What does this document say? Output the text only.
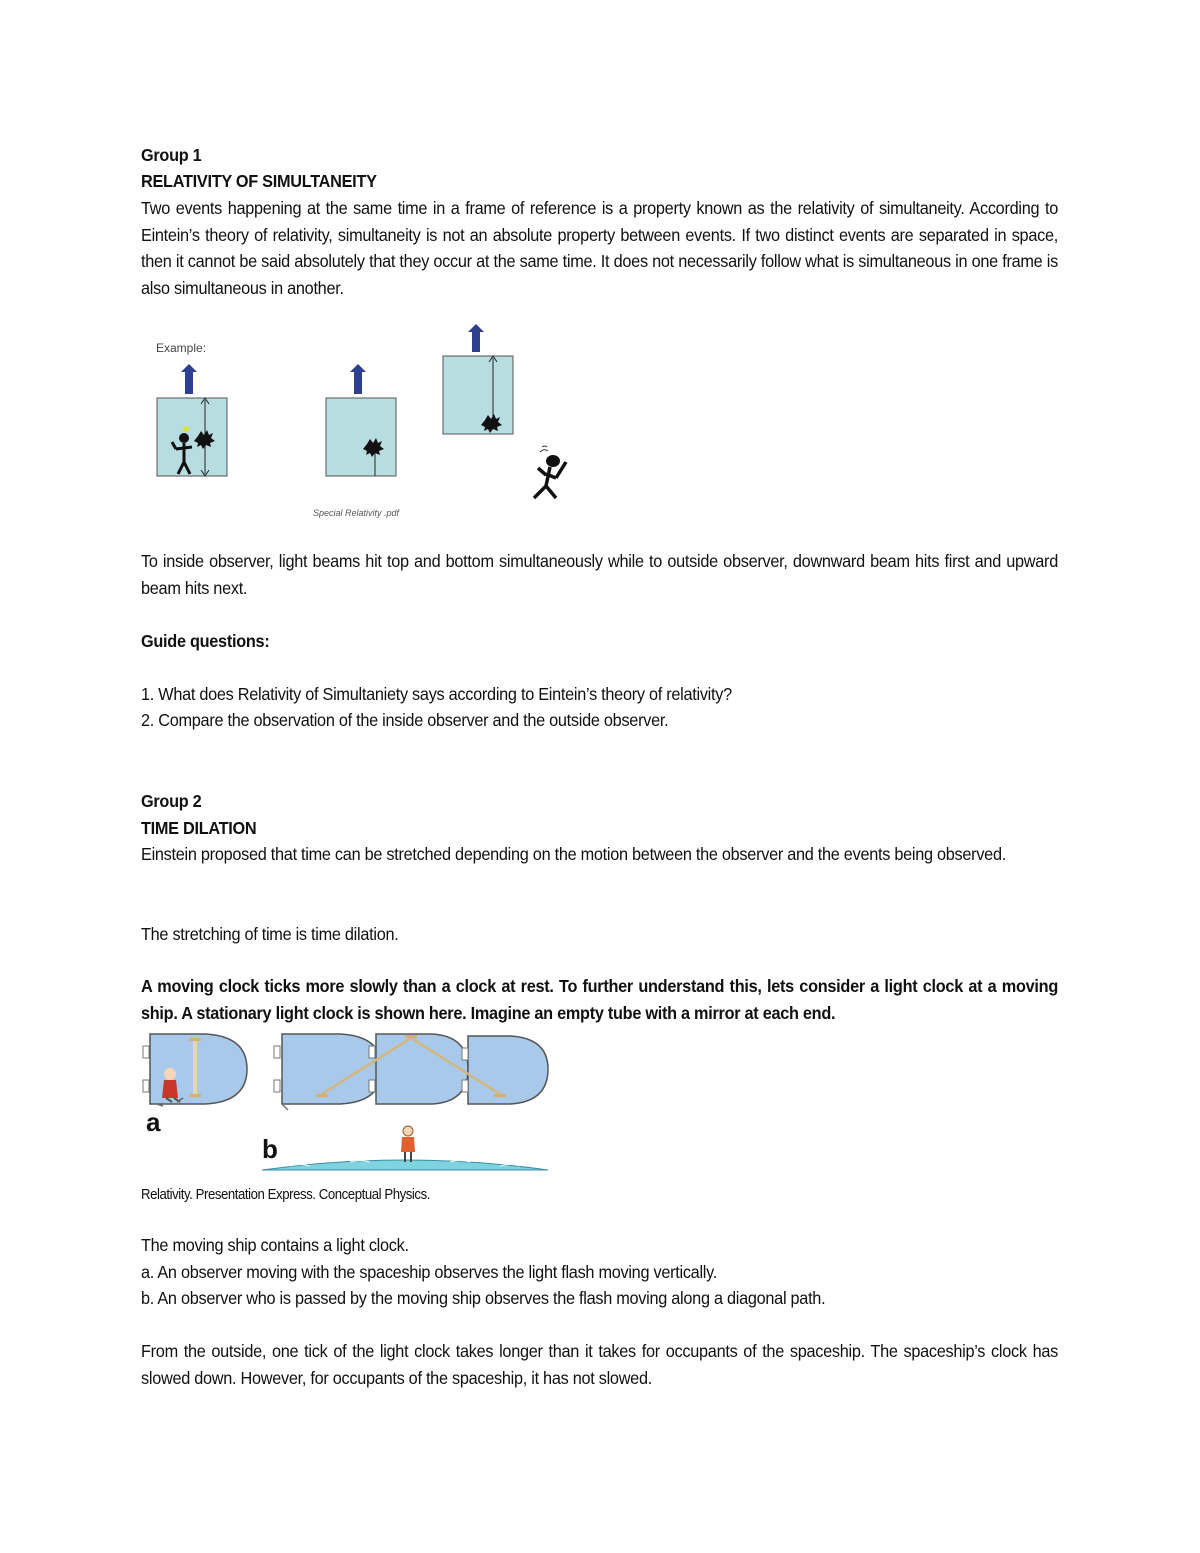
Group 1
RELATIVITY OF SIMULTANEITY
Two events happening at the same time in a frame of reference is a property known as the relativity of simultaneity. According to Eintein’s theory of relativity, simultaneity is not an absolute property between events. If two distinct events are separated in space, then it cannot be said absolutely that they occur at the same time. It does not necessarily follow what is simultaneous in one frame is also simultaneous in another.
Example:
Special Relativity .pdf
To inside observer, light beams hit top and bottom simultaneously while to outside observer, downward beam hits first and upward beam hits next.
Guide questions:
1. What does Relativity of Simultaniety says according to Eintein’s theory of relativity?
2. Compare the observation of the inside observer and the outside observer.
Group 2
TIME DILATION
Einstein proposed that time can be stretched depending on the motion between the observer and the events being observed.
The stretching of time is time dilation.
A moving clock ticks more slowly than a clock at rest. To further understand this, lets consider a light clock at a moving ship. A stationary light clock is shown here. Imagine an empty tube with a mirror at each end.
a
b
Relativity. Presentation Express. Conceptual Physics.
The moving ship contains a light clock.
a. An observer moving with the spaceship observes the light flash moving vertically.
b. An observer who is passed by the moving ship observes the flash moving along a diagonal path.
From the outside, one tick of the light clock takes longer than it takes for occupants of the spaceship. The spaceship’s clock has slowed down. However, for occupants of the spaceship, it has not slowed.
